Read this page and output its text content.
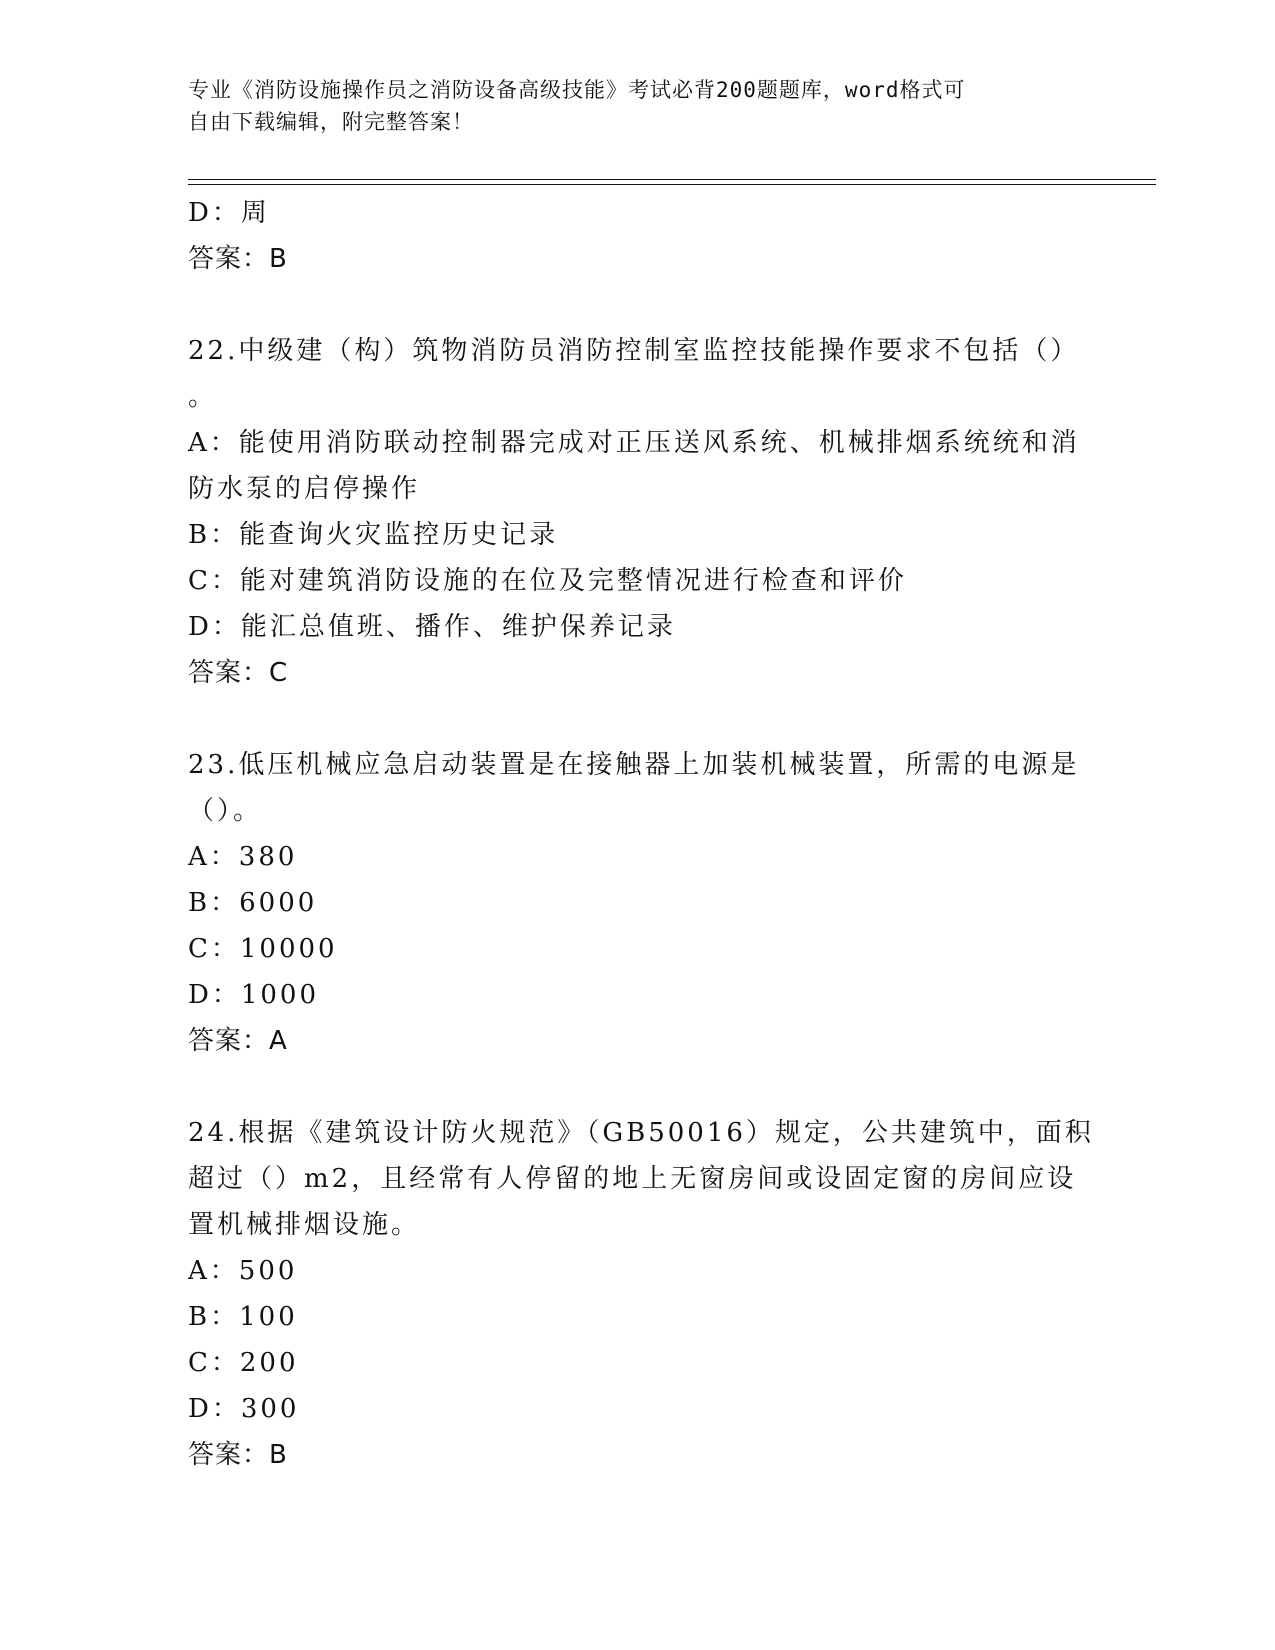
专业《消防设施操作员之消防设备高级技能》考试必背200题题库，word格式可
自由下载编辑，附完整答案！
D：周
答案：B
22.中级建（构）筑物消防员消防控制室监控技能操作要求不包括（）
。
A：能使用消防联动控制器完成对正压送风系统、机械排烟系统统和消
防水泵的启停操作
B：能查询火灾监控历史记录
C：能对建筑消防设施的在位及完整情况进行检查和评价
D：能汇总值班、播作、维护保养记录
答案：C
23.低压机械应急启动装置是在接触器上加装机械装置，所需的电源是
（）。
A：380
B：6000
C：10000
D：1000
答案：A
24.根据《建筑设计防火规范》（GB50016）规定，公共建筑中，面积
超过（）m2，且经常有人停留的地上无窗房间或设固定窗的房间应设
置机械排烟设施。
A：500
B：100
C：200
D：300
答案：B
